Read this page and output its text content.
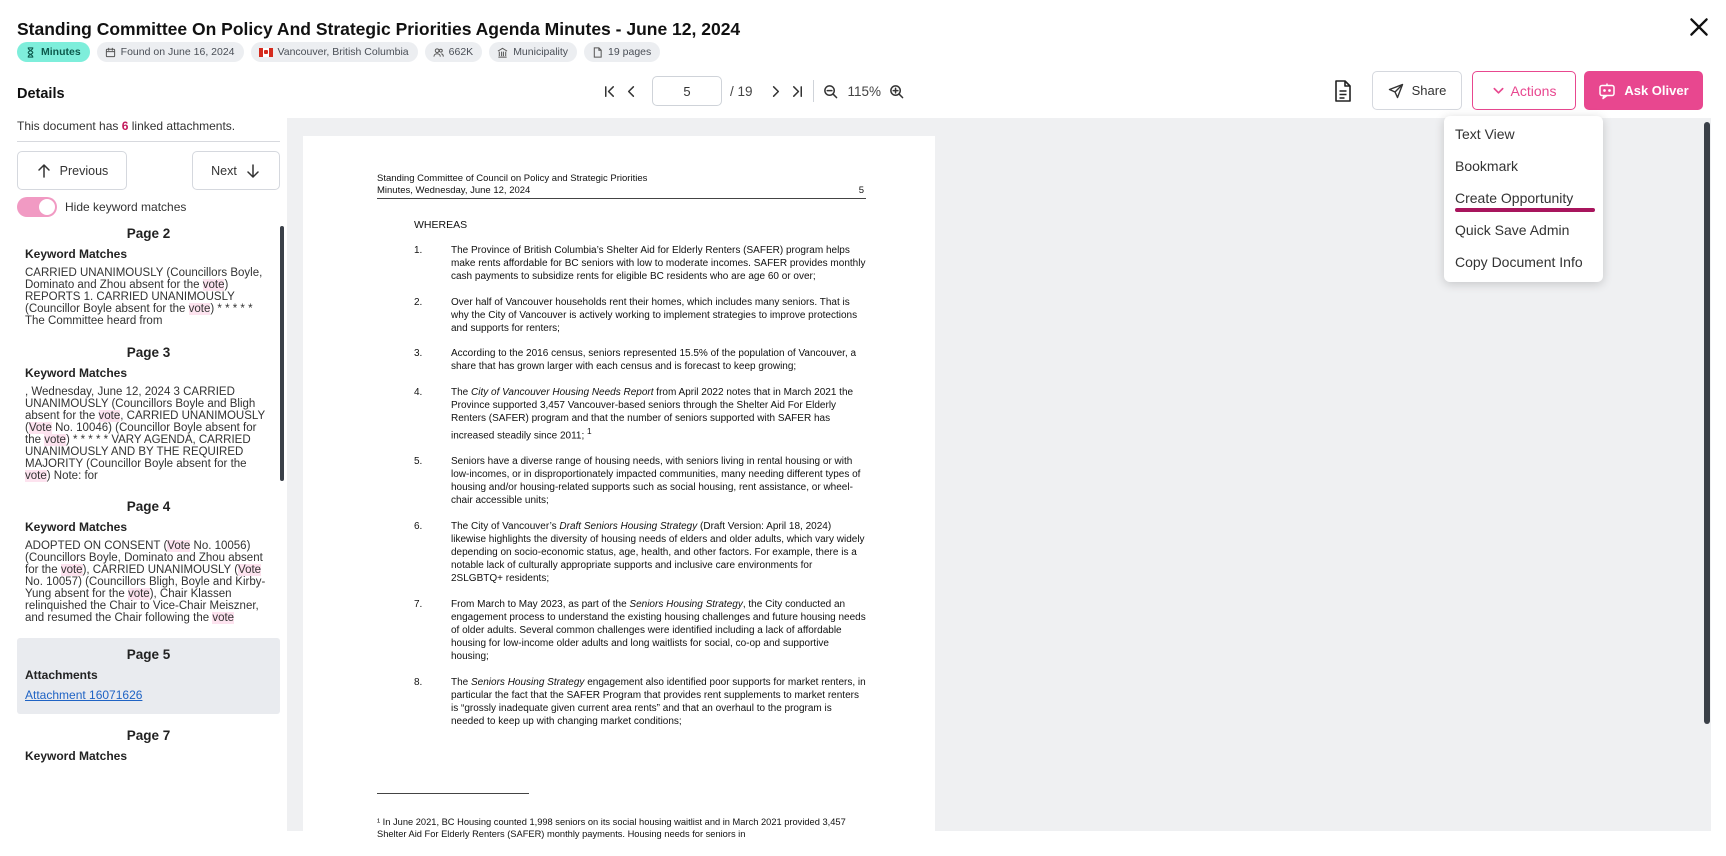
Standing Committee On Policy And Strategic Priorities Agenda Minutes - June 12, 2024
Minutes	Found on June 16, 2024	Vancouver, British Columbia	662K	Municipality	19 pages
Details
This document has 6 linked attachments.
Previous	Next
Hide keyword matches
Page 2
Keyword Matches
CARRIED UNANIMOUSLY (Councillors Boyle, Dominato and Zhou absent for the vote) REPORTS 1. CARRIED UNANIMOUSLY (Councillor Boyle absent for the vote) * * * * * The Committee heard from
Page 3
Keyword Matches
, Wednesday, June 12, 2024 3 CARRIED UNANIMOUSLY (Councillors Boyle and Bligh absent for the vote, CARRIED UNANIMOUSLY (Vote No. 10046) (Councillor Boyle absent for the vote) * * * * * VARY AGENDA, CARRIED UNANIMOUSLY AND BY THE REQUIRED MAJORITY (Councillor Boyle absent for the vote) Note: for
Page 4
Keyword Matches
ADOPTED ON CONSENT (Vote No. 10056) (Councillors Boyle, Dominato and Zhou absent for the vote), CARRIED UNANIMOUSLY (Vote No. 10057) (Councillors Bligh, Boyle and Kirby-Yung absent for the vote), Chair Klassen relinquished the Chair to Vice-Chair Meiszner, and resumed the Chair following the vote
Page 5
Attachments
Attachment 16071626
Page 7
Keyword Matches
5
/ 19	115%	Share	Actions	Ask Oliver
Standing Committee of Council on Policy and Strategic Priorities
Minutes, Wednesday, June 12, 2024	5
WHEREAS
1.	The Province of British Columbia’s Shelter Aid for Elderly Renters (SAFER) program helps make rents affordable for BC seniors with low to moderate incomes. SAFER provides monthly cash payments to subsidize rents for eligible BC residents who are age 60 or over;
2.	Over half of Vancouver households rent their homes, which includes many seniors. That is why the City of Vancouver is actively working to implement strategies to improve protections and supports for renters;
3.	According to the 2016 census, seniors represented 15.5% of the population of Vancouver, a share that has grown larger with each census and is forecast to keep growing;
4.	The City of Vancouver Housing Needs Report from April 2022 notes that in March 2021 the Province supported 3,457 Vancouver-based seniors through the Shelter Aid For Elderly Renters (SAFER) program and that the number of seniors supported with SAFER has increased steadily since 2011; $^1$
5.	Seniors have a diverse range of housing needs, with seniors living in rental housing or with low-incomes, or in disproportionately impacted communities, many needing different types of housing and/or housing-related supports such as social housing, rent assistance, or wheel-chair accessible units;
6.	The City of Vancouver’s Draft Seniors Housing Strategy (Draft Version: April 18, 2024) likewise highlights the diversity of housing needs of elders and older adults, which vary widely depending on socio-economic status, age, health, and other factors. For example, there is a notable lack of culturally appropriate supports and inclusive care environments for 2SLGBTQ+ residents;
7.	From March to May 2023, as part of the Seniors Housing Strategy, the City conducted an engagement process to understand the existing housing challenges and future housing needs of older adults. Several common challenges were identified including a lack of affordable housing for low-income older adults and long waitlists for social, co-op and supportive housing;
8.	The Seniors Housing Strategy engagement also identified poor supports for market renters, in particular the fact that the SAFER Program that provides rent supplements to market renters is “grossly inadequate given current area rents” and that an overhaul to the program is needed to keep up with changing market conditions;
¹ In June 2021, BC Housing counted 1,998 seniors on its social housing waitlist and in March 2021 provided 3,457 Shelter Aid For Elderly Renters (SAFER) monthly payments. Housing needs for seniors in
Text View
Bookmark
Create Opportunity
Quick Save Admin
Copy Document Info
